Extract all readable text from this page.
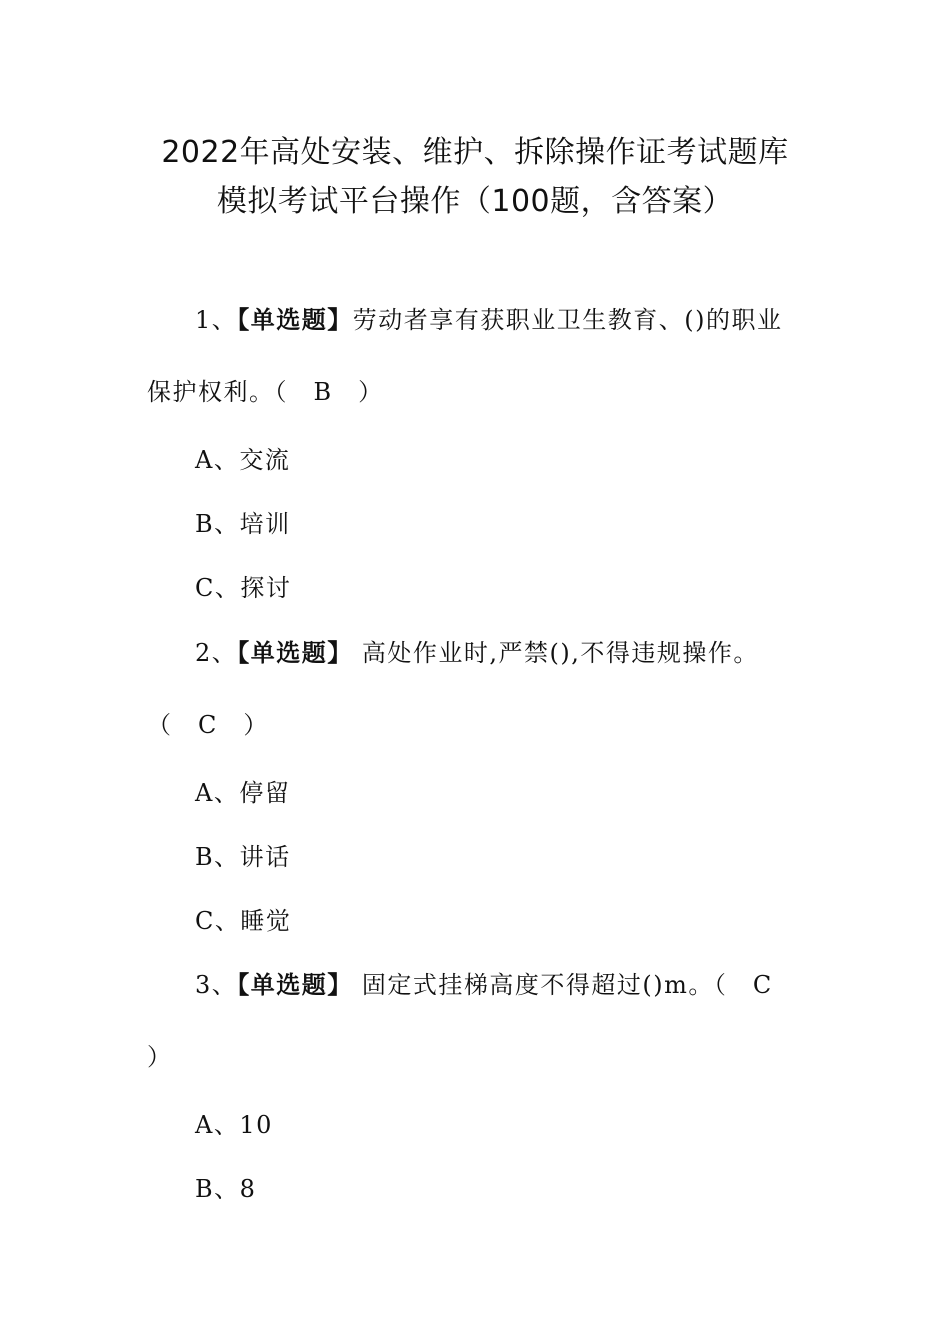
2022年高处安装、维护、拆除操作证考试题库
模拟考试平台操作（100题，含答案）
1、【单选题】劳动者享有获职业卫生教育、()的职业
保护权利。（　B　）
A、交流
B、培训
C、探讨
2、【单选题】 高处作业时,严禁(),不得违规操作。
（　C　）
A、停留
B、讲话
C、睡觉
3、【单选题】 固定式挂梯高度不得超过()m。（　C
）
A、10
B、8
